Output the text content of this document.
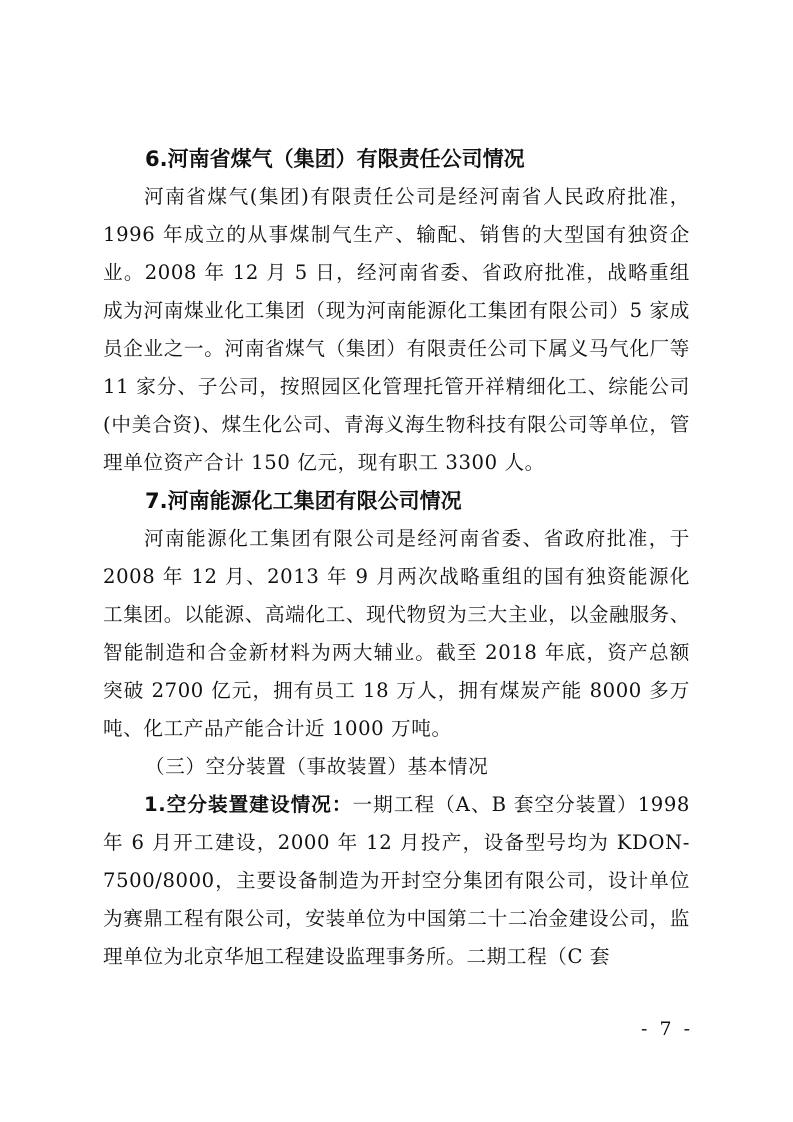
6.河南省煤气（集团）有限责任公司情况

河南省煤气(集团)有限责任公司是经河南省人民政府批准，1996 年成立的从事煤制气生产、输配、销售的大型国有独资企业。2008 年 12 月 5 日，经河南省委、省政府批准，战略重组成为河南煤业化工集团（现为河南能源化工集团有限公司）5 家成员企业之一。河南省煤气（集团）有限责任公司下属义马气化厂等 11 家分、子公司，按照园区化管理托管开祥精细化工、综能公司(中美合资)、煤生化公司、青海义海生物科技有限公司等单位，管理单位资产合计 150 亿元，现有职工 3300 人。

7.河南能源化工集团有限公司情况

河南能源化工集团有限公司是经河南省委、省政府批准，于 2008 年 12 月、2013 年 9 月两次战略重组的国有独资能源化工集团。以能源、高端化工、现代物贸为三大主业，以金融服务、智能制造和合金新材料为两大辅业。截至 2018 年底，资产总额突破 2700 亿元，拥有员工 18 万人，拥有煤炭产能 8000 多万吨、化工产品产能合计近 1000 万吨。

（三）空分装置（事故装置）基本情况

1.空分装置建设情况：一期工程（A、B 套空分装置）1998 年 6 月开工建设，2000 年 12 月投产，设备型号均为 KDON-7500/8000，主要设备制造为开封空分集团有限公司，设计单位为赛鼎工程有限公司，安装单位为中国第二十二冶金建设公司，监理单位为北京华旭工程建设监理事务所。二期工程（C 套

- 7 -
